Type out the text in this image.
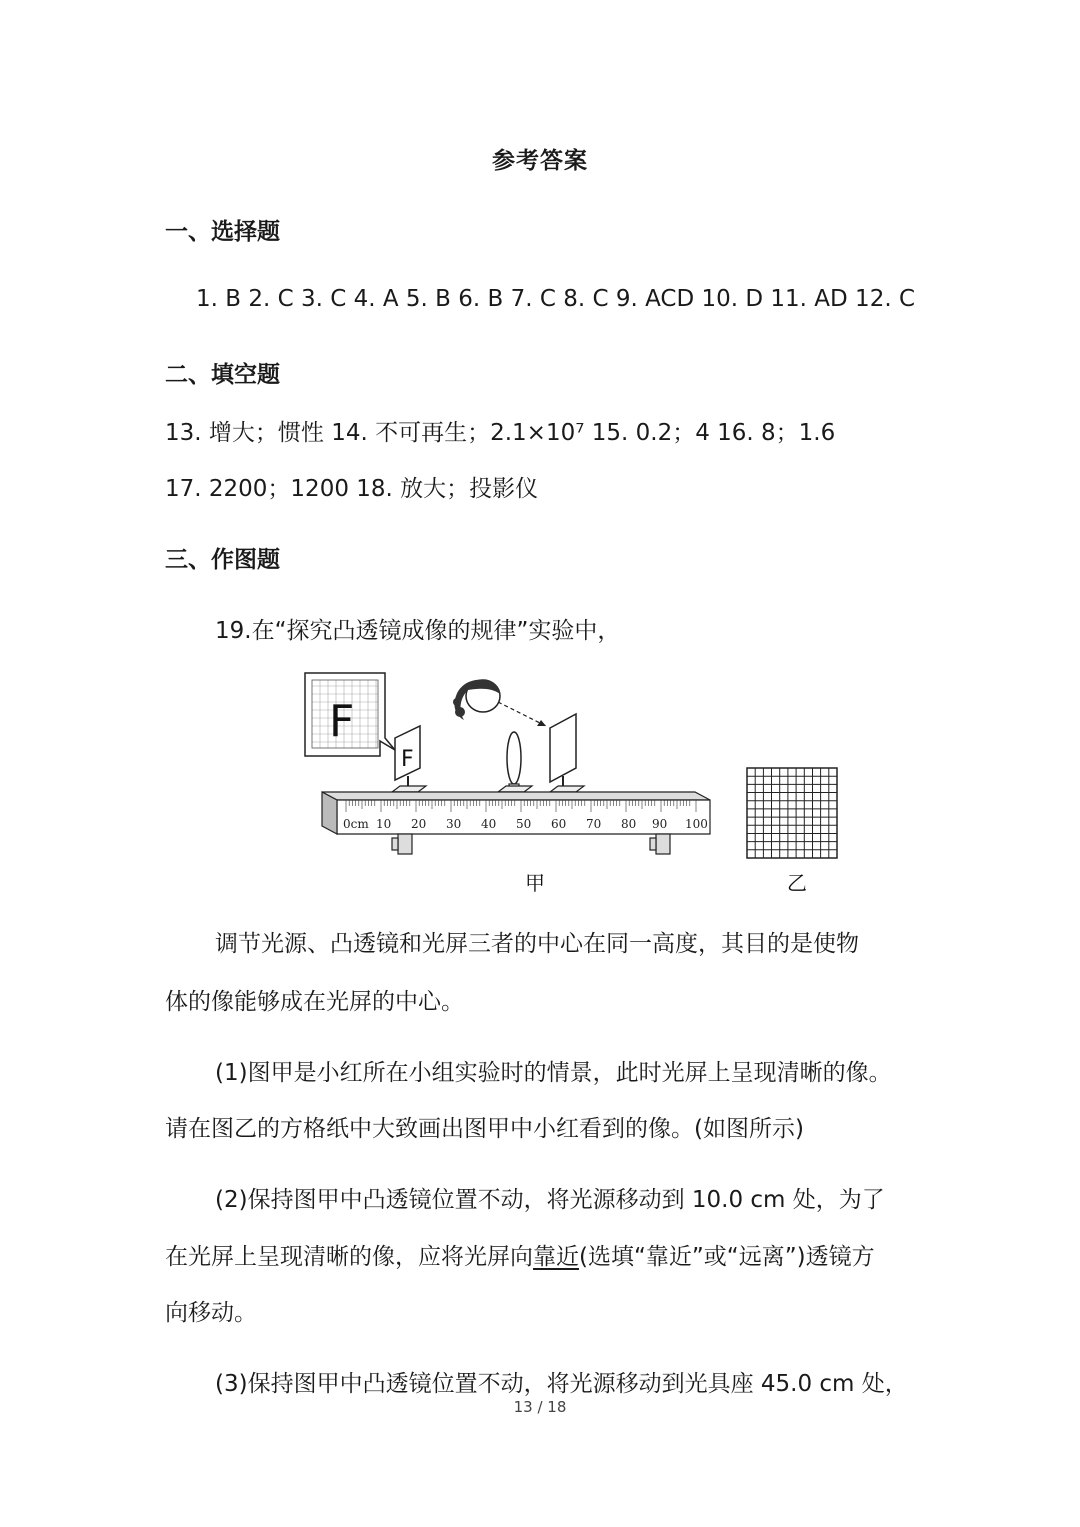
参考答案
一、选择题
1. B 2. C 3. C 4. A 5. B 6. B 7. C 8. C 9. ACD 10. D 11. AD 12. C
二、填空题
13. 增大；惯性 14. 不可再生；2.1×10⁷ 15. 0.2；4 16. 8；1.6
17. 2200；1200 18. 放大；投影仪
三、作图题
19.在“探究凸透镜成像的规律”实验中，
F
F
0cm 10 20 30 40 50 60 70 80 90 100
甲	乙
调节光源、凸透镜和光屏三者的中心在同一高度，其目的是使物
体的像能够成在光屏的中心。
(1)图甲是小红所在小组实验时的情景，此时光屏上呈现清晰的像。
请在图乙的方格纸中大致画出图甲中小红看到的像。(如图所示)
(2)保持图甲中凸透镜位置不动，将光源移动到 10.0 cm 处，为了
在光屏上呈现清晰的像，应将光屏向靠近(选填“靠近”或“远离”)透镜方
向移动。
(3)保持图甲中凸透镜位置不动，将光源移动到光具座 45.0 cm 处，
13 / 18
